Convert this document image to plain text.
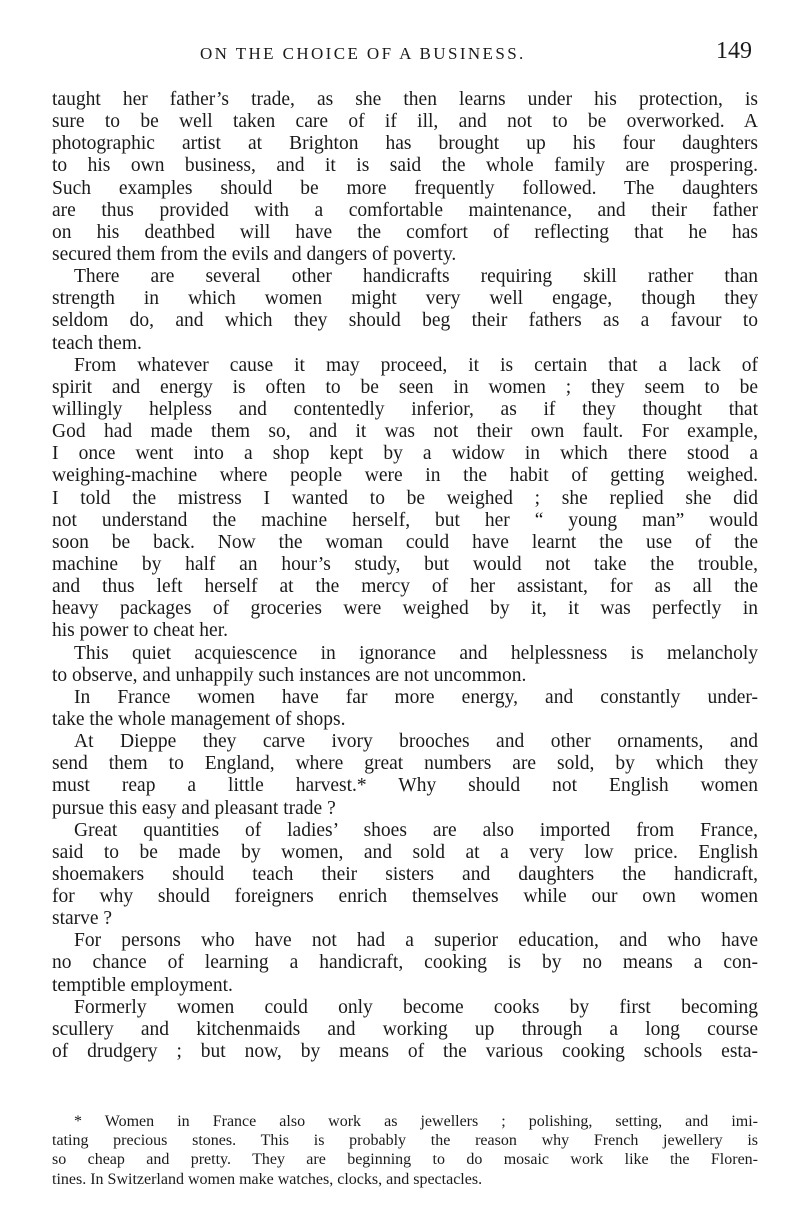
ON THE CHOICE OF A BUSINESS.	149
taught her father’s trade, as she then learns under his protection, is
sure to be well taken care of if ill, and not to be overworked. A
photographic artist at Brighton has brought up his four daughters
to his own business, and it is said the whole family are prospering.
Such examples should be more frequently followed. The daughters
are thus provided with a comfortable maintenance, and their father
on his deathbed will have the comfort of reflecting that he has
secured them from the evils and dangers of poverty.
There are several other handicrafts requiring skill rather than
strength in which women might very well engage, though they
seldom do, and which they should beg their fathers as a favour to
teach them.
From whatever cause it may proceed, it is certain that a lack of
spirit and energy is often to be seen in women ; they seem to be
willingly helpless and contentedly inferior, as if they thought that
God had made them so, and it was not their own fault. For example,
I once went into a shop kept by a widow in which there stood a
weighing-machine where people were in the habit of getting weighed.
I told the mistress I wanted to be weighed ; she replied she did
not understand the machine herself, but her “ young man” would
soon be back. Now the woman could have learnt the use of the
machine by half an hour’s study, but would not take the trouble,
and thus left herself at the mercy of her assistant, for as all the
heavy packages of groceries were weighed by it, it was perfectly in
his power to cheat her.
This quiet acquiescence in ignorance and helplessness is melancholy
to observe, and unhappily such instances are not uncommon.
In France women have far more energy, and constantly under-
take the whole management of shops.
At Dieppe they carve ivory brooches and other ornaments, and
send them to England, where great numbers are sold, by which they
must reap a little harvest.* Why should not English women
pursue this easy and pleasant trade ?
Great quantities of ladies’ shoes are also imported from France,
said to be made by women, and sold at a very low price. English
shoemakers should teach their sisters and daughters the handicraft,
for why should foreigners enrich themselves while our own women
starve ?
For persons who have not had a superior education, and who have
no chance of learning a handicraft, cooking is by no means a con-
temptible employment.
Formerly women could only become cooks by first becoming
scullery and kitchenmaids and working up through a long course
of drudgery ; but now, by means of the various cooking schools esta-
* Women in France also work as jewellers ; polishing, setting, and imi-
tating precious stones. This is probably the reason why French jewellery is
so cheap and pretty. They are beginning to do mosaic work like the Floren-
tines. In Switzerland women make watches, clocks, and spectacles.
